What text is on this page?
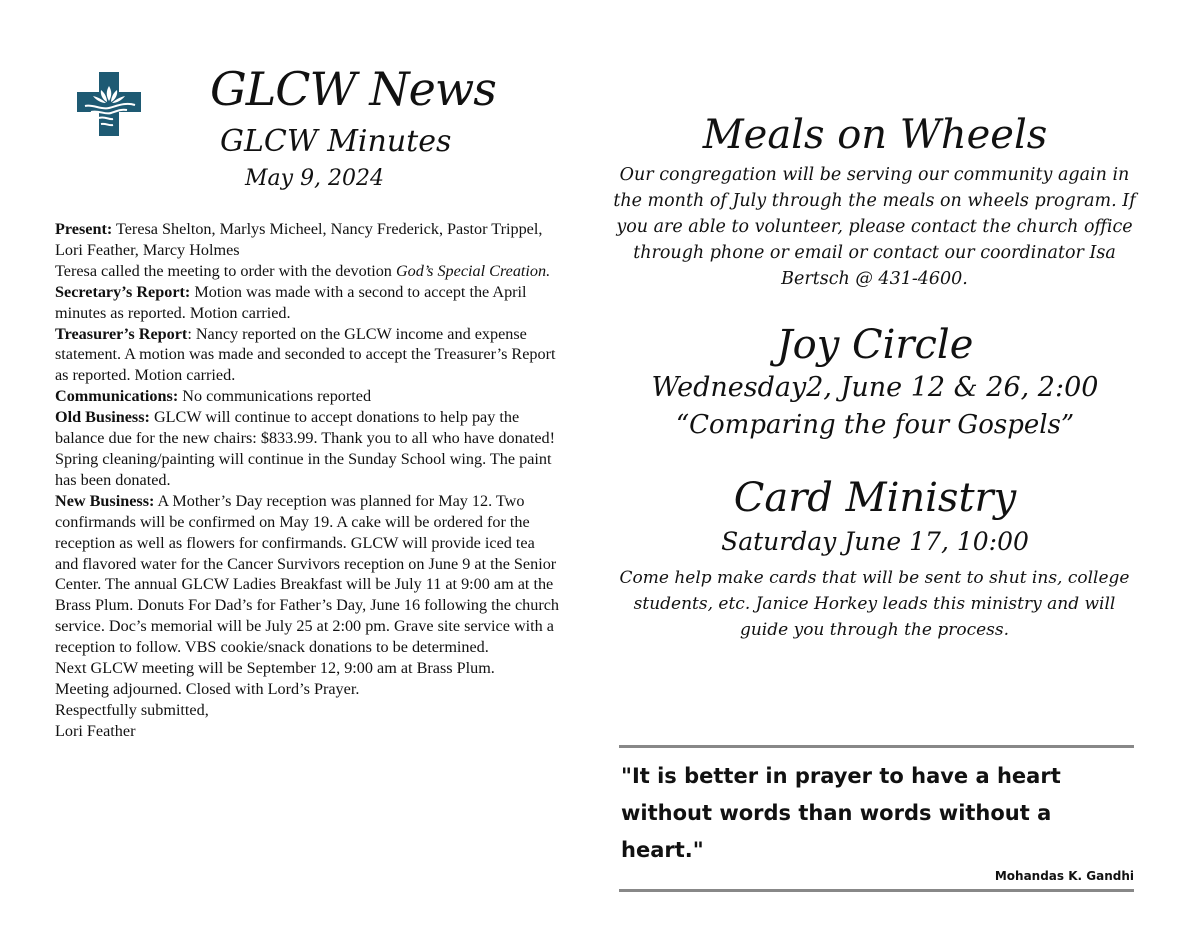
GLCW News
GLCW Minutes
May 9, 2024

Present: Teresa Shelton, Marlys Micheel, Nancy Frederick, Pastor Trippel, Lori Feather, Marcy Holmes

Teresa called the meeting to order with the devotion God’s Special Creation.

Secretary’s Report: Motion was made with a second to accept the April minutes as reported. Motion carried.

Treasurer’s Report: Nancy reported on the GLCW income and expense statement. A motion was made and seconded to accept the Treasurer’s Report as reported. Motion carried.

Communications: No communications reported

Old Business: GLCW will continue to accept donations to help pay the balance due for the new chairs: $833.99. Thank you to all who have donated!

Spring cleaning/painting will continue in the Sunday School wing. The paint has been donated.

New Business: A Mother’s Day reception was planned for May 12. Two confirmands will be confirmed on May 19. A cake will be ordered for the reception as well as flowers for confirmands. GLCW will provide iced tea and flavored water for the Cancer Survivors reception on June 9 at the Senior Center. The annual GLCW Ladies Breakfast will be July 11 at 9:00 am at the Brass Plum. Donuts For Dad’s for Father’s Day, June 16 following the church service. Doc’s memorial will be July 25 at 2:00 pm. Grave site service with a reception to follow. VBS cookie/snack donations to be determined.

Next GLCW meeting will be September 12, 9:00 am at Brass Plum.

Meeting adjourned. Closed with Lord’s Prayer.

Respectfully submitted,

Lori Feather

Meals on Wheels
Our congregation will be serving our community again in the month of July through the meals on wheels program. If you are able to volunteer, please contact the church office through phone or email or contact our coordinator Isa Bertsch @ 431-4600.
Joy Circle
Wednesday2, June 12 & 26, 2:00
“Comparing the four Gospels”
Card Ministry
Saturday June 17, 10:00
Come help make cards that will be sent to shut ins, college students, etc. Janice Horkey leads this ministry and will guide you through the process.
"It is better in prayer to have a heart
without words than words without a heart."
Mohandas K. Gandhi
